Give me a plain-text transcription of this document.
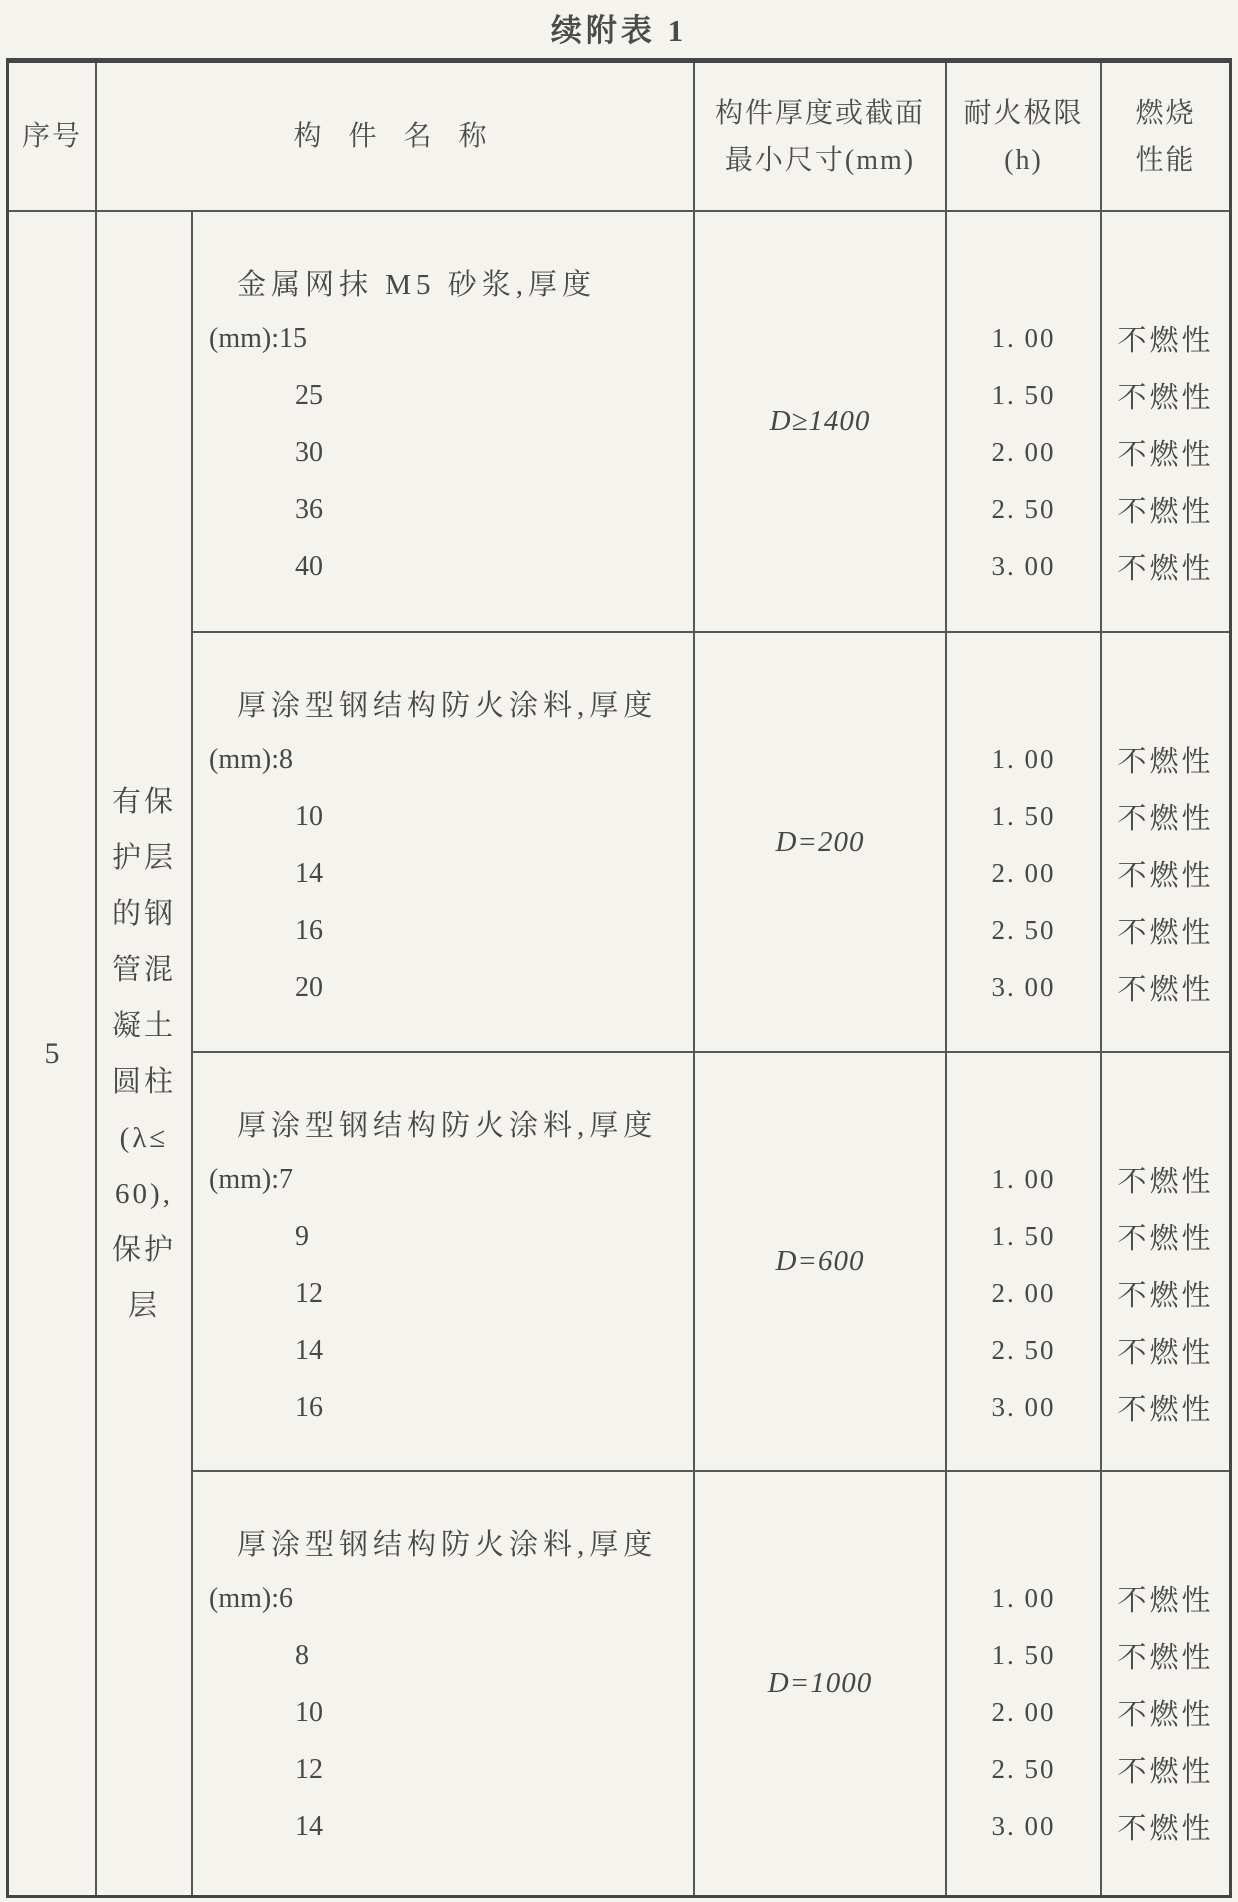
续附表 1
序号	构 件 名 称
构件厚度或截面
最小尺寸(mm)
耐火极限
(h)
燃烧
性能
5
有保
护层
的钢
管混
凝土
圆柱
(λ≤
60),
保护
层
金属网抹 M5 砂浆,厚度
(mm):15
25
30
36
40
D≥1400
1. 00
1. 50
2. 00
2. 50
3. 00
不燃性
不燃性
不燃性
不燃性
不燃性
厚涂型钢结构防火涂料,厚度
(mm):8
10
14
16
20
D=200
1. 00
1. 50
2. 00
2. 50
3. 00
不燃性
不燃性
不燃性
不燃性
不燃性
厚涂型钢结构防火涂料,厚度
(mm):7
9
12
14
16
D=600
1. 00
1. 50
2. 00
2. 50
3. 00
不燃性
不燃性
不燃性
不燃性
不燃性
厚涂型钢结构防火涂料,厚度
(mm):6
8
10
12
14
D=1000
1. 00
1. 50
2. 00
2. 50
3. 00
不燃性
不燃性
不燃性
不燃性
不燃性
